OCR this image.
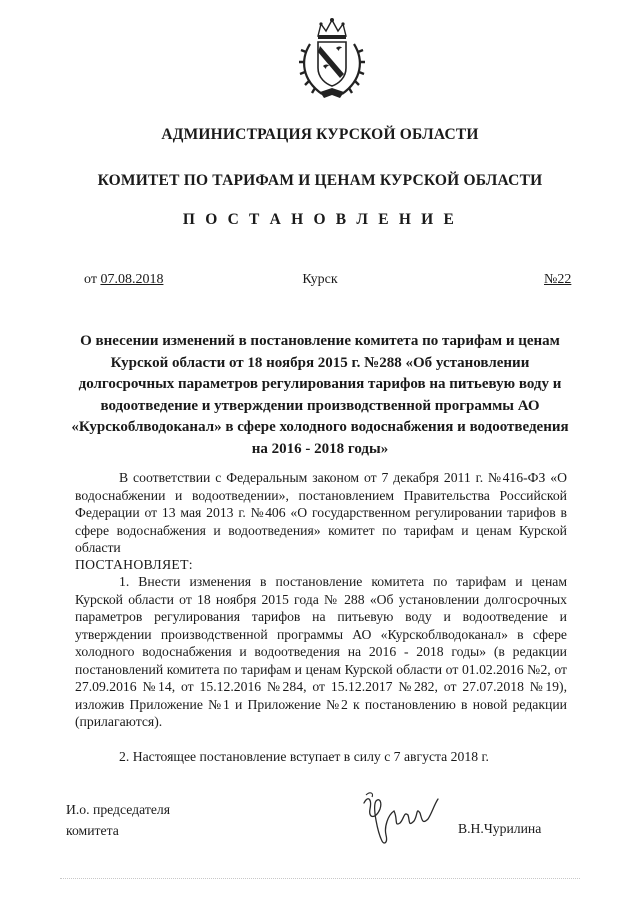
АДМИНИСТРАЦИЯ КУРСКОЙ ОБЛАСТИ
КОМИТЕТ ПО ТАРИФАМ И ЦЕНАМ КУРСКОЙ ОБЛАСТИ
П О С Т А Н О В Л Е Н И Е
от 07.08.2018	Курск	№22
О внесении изменений в постановление комитета по тарифам и ценам Курской области от 18 ноября 2015 г. №288 «Об установлении долгосрочных параметров регулирования тарифов на питьевую воду и водоотведение и утверждении производственной программы АО «Курскоблводоканал» в сфере холодного водоснабжения и водоотведения на 2016 - 2018 годы»
В соответствии с Федеральным законом от 7 декабря 2011 г. №416-ФЗ «О водоснабжении и водоотведении», постановлением Правительства Российской Федерации от 13 мая 2013 г. №406 «О государственном регулировании тарифов в сфере водоснабжения и водоотведения» комитет по тарифам и ценам Курской области
ПОСТАНОВЛЯЕТ:
1. Внести изменения в постановление комитета по тарифам и ценам Курской области от 18 ноября 2015 года № 288 «Об установлении долгосрочных параметров регулирования тарифов на питьевую воду и водоотведение и утверждении производственной программы АО «Курскоблводоканал» в сфере холодного водоснабжения и водоотведения на 2016 - 2018 годы» (в редакции постановлений комитета по тарифам и ценам Курской области от 01.02.2016 №2, от 27.09.2016 №14, от 15.12.2016 №284, от 15.12.2017 №282, от 27.07.2018 №19), изложив Приложение №1 и Приложение №2 к постановлению в новой редакции (прилагаются).
2. Настоящее постановление вступает в силу с 7 августа 2018 г.
И.о. председателя
комитета	В.Н.Чурилина
